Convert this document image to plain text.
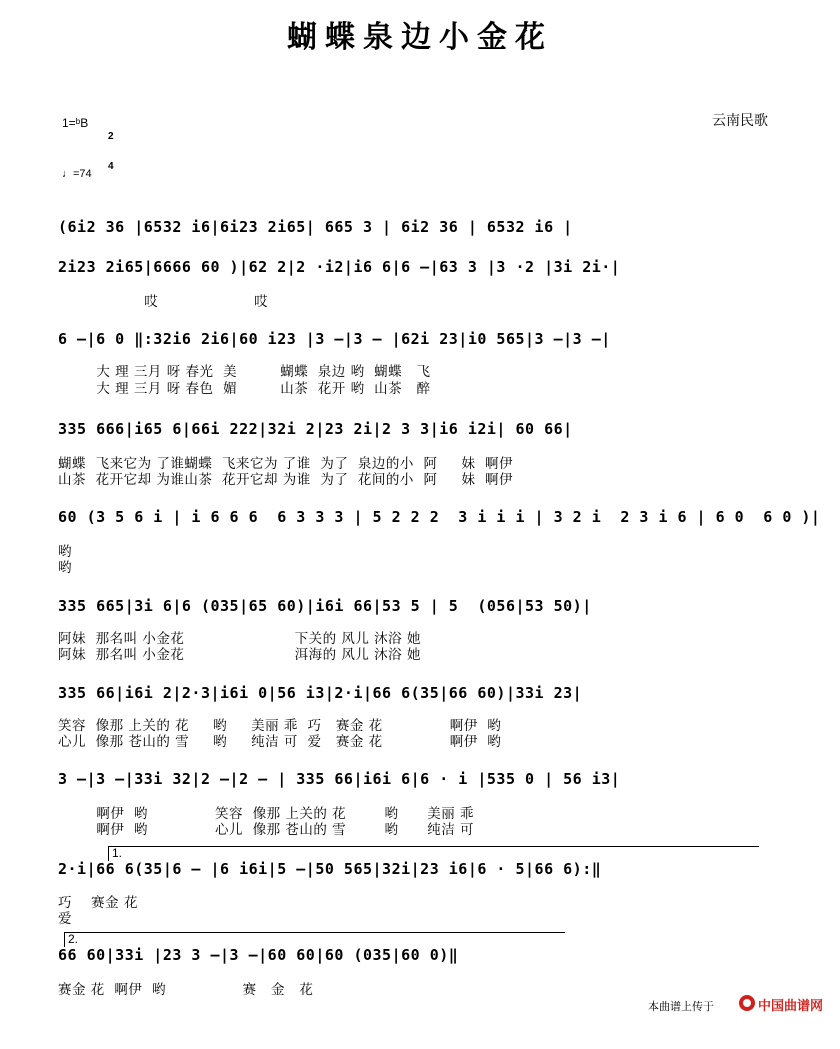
蝴蝶泉边小金花
1=ᵇB

2

4

云南民歌
♩=74
(6i2 36 |6532 i6|6i23 2i65| 665 3 | 6i2 36 | 6532 i6 |
2i23 2i65|6666 60 )|62 2|2 ·i2|i6 6|6 —|63 3 |3 ·2 |3i 2i·|
哎                    哎
6 —|6 0 ‖:32i6 2i6|60 i23 |3 —|3 — |62i 23|i0 565|3 —|3 —|
大 理 三月 呀 春光  美         蝴蝶  泉边 哟  蝴蝶   飞
大 理 三月 呀 春色  媚         山茶  花开 哟  山茶   醉
335 666|i65 6|66i 222|32i 2|23 2i|2 3 3|i6 i2i| 60 66|
蝴蝶  飞来它为 了谁蝴蝶  飞来它为 了谁  为了  泉边的小  阿     妹  啊伊
山茶  花开它却 为谁山茶  花开它却 为谁  为了  花间的小  阿     妹  啊伊
60 (3 5 6 i | i 6 6 6  6 3 3 3 | 5 2 2 2  3 i i i | 3 2 i  2 3 i 6 | 6 0  6 0 )|
哟
哟
335 665|3i 6|6 (035|65 60)|i6i 66|53 5 | 5  (056|53 50)|
阿妹  那名叫 小金花                       下关的 风儿 沐浴 她
阿妹  那名叫 小金花                       洱海的 风儿 沐浴 她
335 66|i6i 2|2·3|i6i 0|56 i3|2·i|66 6(35|66 60)|33i 23|
笑容  像那 上关的 花     哟     美丽 乖  巧   赛金 花              啊伊  哟
心儿  像那 苍山的 雪     哟     纯洁 可  爱   赛金 花              啊伊  哟
3 —|3 —|33i 32|2 —|2 — | 335 66|i6i 6|6 · i |535 0 | 56 i3|
啊伊  哟              笑容  像那 上关的 花        哟      美丽 乖
啊伊  哟              心儿  像那 苍山的 雪        哟      纯洁 可
1.
2·i|66 6(35|6 — |6 i6i|5 —|50 565|32i|23 i6|6 · 5|66 6):‖
巧    赛金 花
爱
2.
66 60|33i |23 3 —|3 —|60 60|60 (035|60 0)‖
赛金 花  啊伊  哟                赛   金   花
本曲谱上传于

	中国曲谱网
